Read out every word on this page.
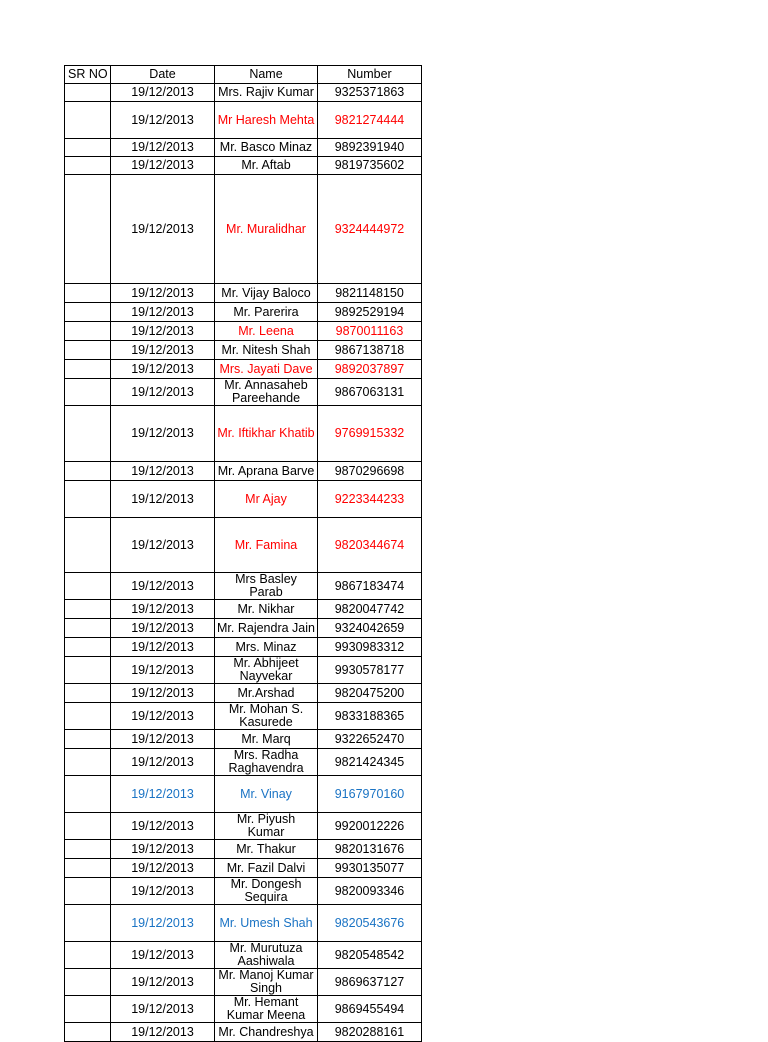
SR NO	Date	Name	Number
	19/12/2013	Mrs. Rajiv Kumar	9325371863
	19/12/2013	Mr Haresh Mehta	9821274444
	19/12/2013	Mr. Basco Minaz	9892391940
	19/12/2013	Mr. Aftab	9819735602
	19/12/2013	Mr. Muralidhar	9324444972
	19/12/2013	Mr. Vijay Baloco	9821148150
	19/12/2013	Mr. Parerira	9892529194
	19/12/2013	Mr. Leena	9870011163
	19/12/2013	Mr. Nitesh Shah	9867138718
	19/12/2013	Mrs. Jayati Dave	9892037897
	19/12/2013	Mr. Annasaheb Pareehande	9867063131
	19/12/2013	Mr. Iftikhar Khatib	9769915332
	19/12/2013	Mr. Aprana Barve	9870296698
	19/12/2013	Mr Ajay	9223344233
	19/12/2013	Mr. Famina	9820344674
	19/12/2013	Mrs Basley Parab	9867183474
	19/12/2013	Mr. Nikhar	9820047742
	19/12/2013	Mr. Rajendra Jain	9324042659
	19/12/2013	Mrs. Minaz	9930983312
	19/12/2013	Mr. Abhijeet Nayvekar	9930578177
	19/12/2013	Mr.Arshad	9820475200
	19/12/2013	Mr. Mohan S. Kasurede	9833188365
	19/12/2013	Mr. Marq	9322652470
	19/12/2013	Mrs. Radha Raghavendra	9821424345
	19/12/2013	Mr. Vinay	9167970160
	19/12/2013	Mr. Piyush Kumar	9920012226
	19/12/2013	Mr. Thakur	9820131676
	19/12/2013	Mr. Fazil Dalvi	9930135077
	19/12/2013	Mr. Dongesh Sequira	9820093346
	19/12/2013	Mr. Umesh Shah	9820543676
	19/12/2013	Mr. Murutuza Aashiwala	9820548542
	19/12/2013	Mr. Manoj Kumar Singh	9869637127
	19/12/2013	Mr. Hemant Kumar Meena	9869455494
	19/12/2013	Mr. Chandreshya	9820288161
